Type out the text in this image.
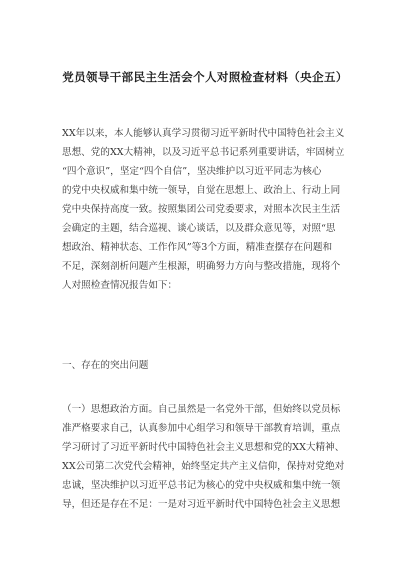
党员领导干部民主生活会个人对照检查材料（央企五）
XX年以来，本人能够认真学习贯彻习近平新时代中国特色社会主义
思想、党的XX大精神，以及习近平总书记系列重要讲话，牢固树立
“四个意识”，坚定“四个自信”，坚决维护以习近平同志为核心
的党中央权威和集中统一领导，自觉在思想上、政治上、行动上同
党中央保持高度一致。按照集团公司党委要求，对照本次民主生活
会确定的主题，结合巡视、谈心谈话，以及群众意见等，对照“思
想政治、精神状态、工作作风”等3个方面，精准查摆存在问题和
不足，深刻剖析问题产生根源，明确努力方向与整改措施，现将个
人对照检查情况报告如下：
一、存在的突出问题
（一）思想政治方面。自己虽然是一名党外干部，但始终以党员标
准严格要求自己，认真参加中心组学习和领导干部教育培训，重点
学习研讨了习近平新时代中国特色社会主义思想和党的XX大精神、
XX公司第二次党代会精神，始终坚定共产主义信仰，保持对党绝对
忠诚，坚决维护以习近平总书记为核心的党中央权威和集中统一领
导，但还是存在不足：一是对习近平新时代中国特色社会主义思想
